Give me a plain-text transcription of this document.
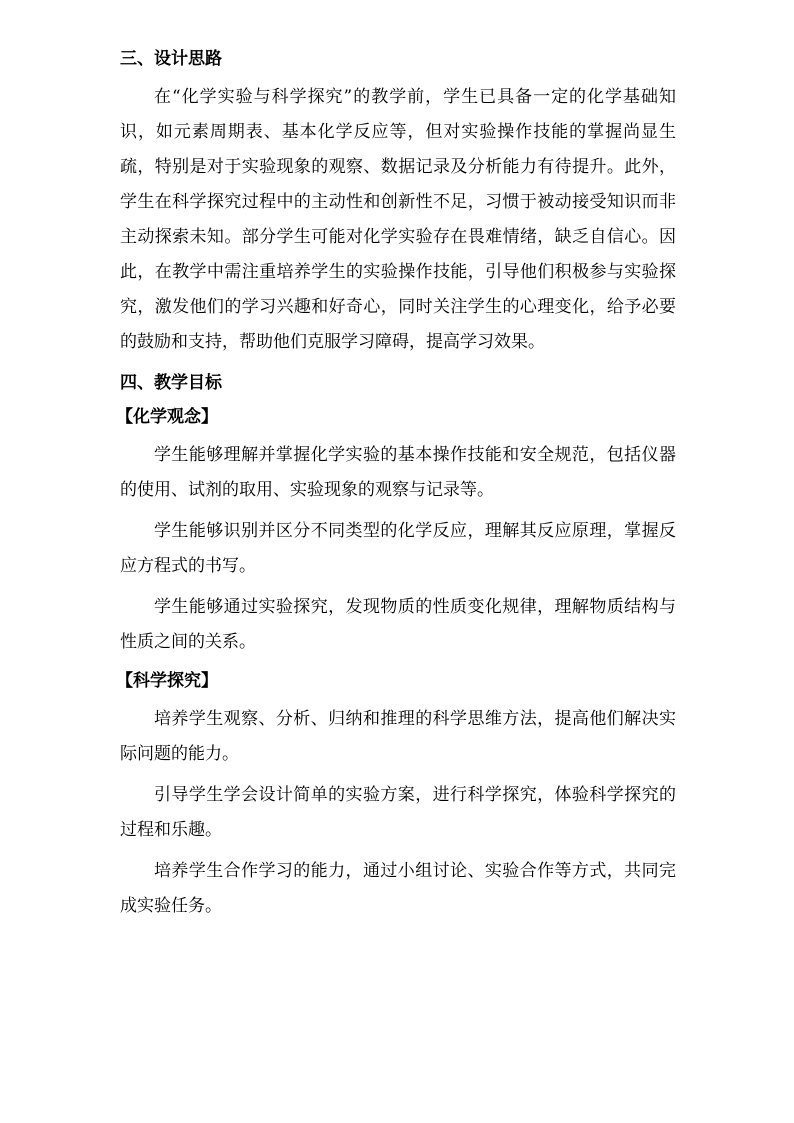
三、设计思路

在“化学实验与科学探究”的教学前，学生已具备一定的化学基础知识，如元素周期表、基本化学反应等，但对实验操作技能的掌握尚显生疏，特别是对于实验现象的观察、数据记录及分析能力有待提升。此外，学生在科学探究过程中的主动性和创新性不足，习惯于被动接受知识而非主动探索未知。部分学生可能对化学实验存在畏难情绪，缺乏自信心。因此，在教学中需注重培养学生的实验操作技能，引导他们积极参与实验探究，激发他们的学习兴趣和好奇心，同时关注学生的心理变化，给予必要的鼓励和支持，帮助他们克服学习障碍，提高学习效果。

四、教学目标
【化学观念】

学生能够理解并掌握化学实验的基本操作技能和安全规范，包括仪器的使用、试剂的取用、实验现象的观察与记录等。

学生能够识别并区分不同类型的化学反应，理解其反应原理，掌握反应方程式的书写。

学生能够通过实验探究，发现物质的性质变化规律，理解物质结构与性质之间的关系。

【科学探究】

培养学生观察、分析、归纳和推理的科学思维方法，提高他们解决实际问题的能力。

引导学生学会设计简单的实验方案，进行科学探究，体验科学探究的过程和乐趣。

培养学生合作学习的能力，通过小组讨论、实验合作等方式，共同完成实验任务。
